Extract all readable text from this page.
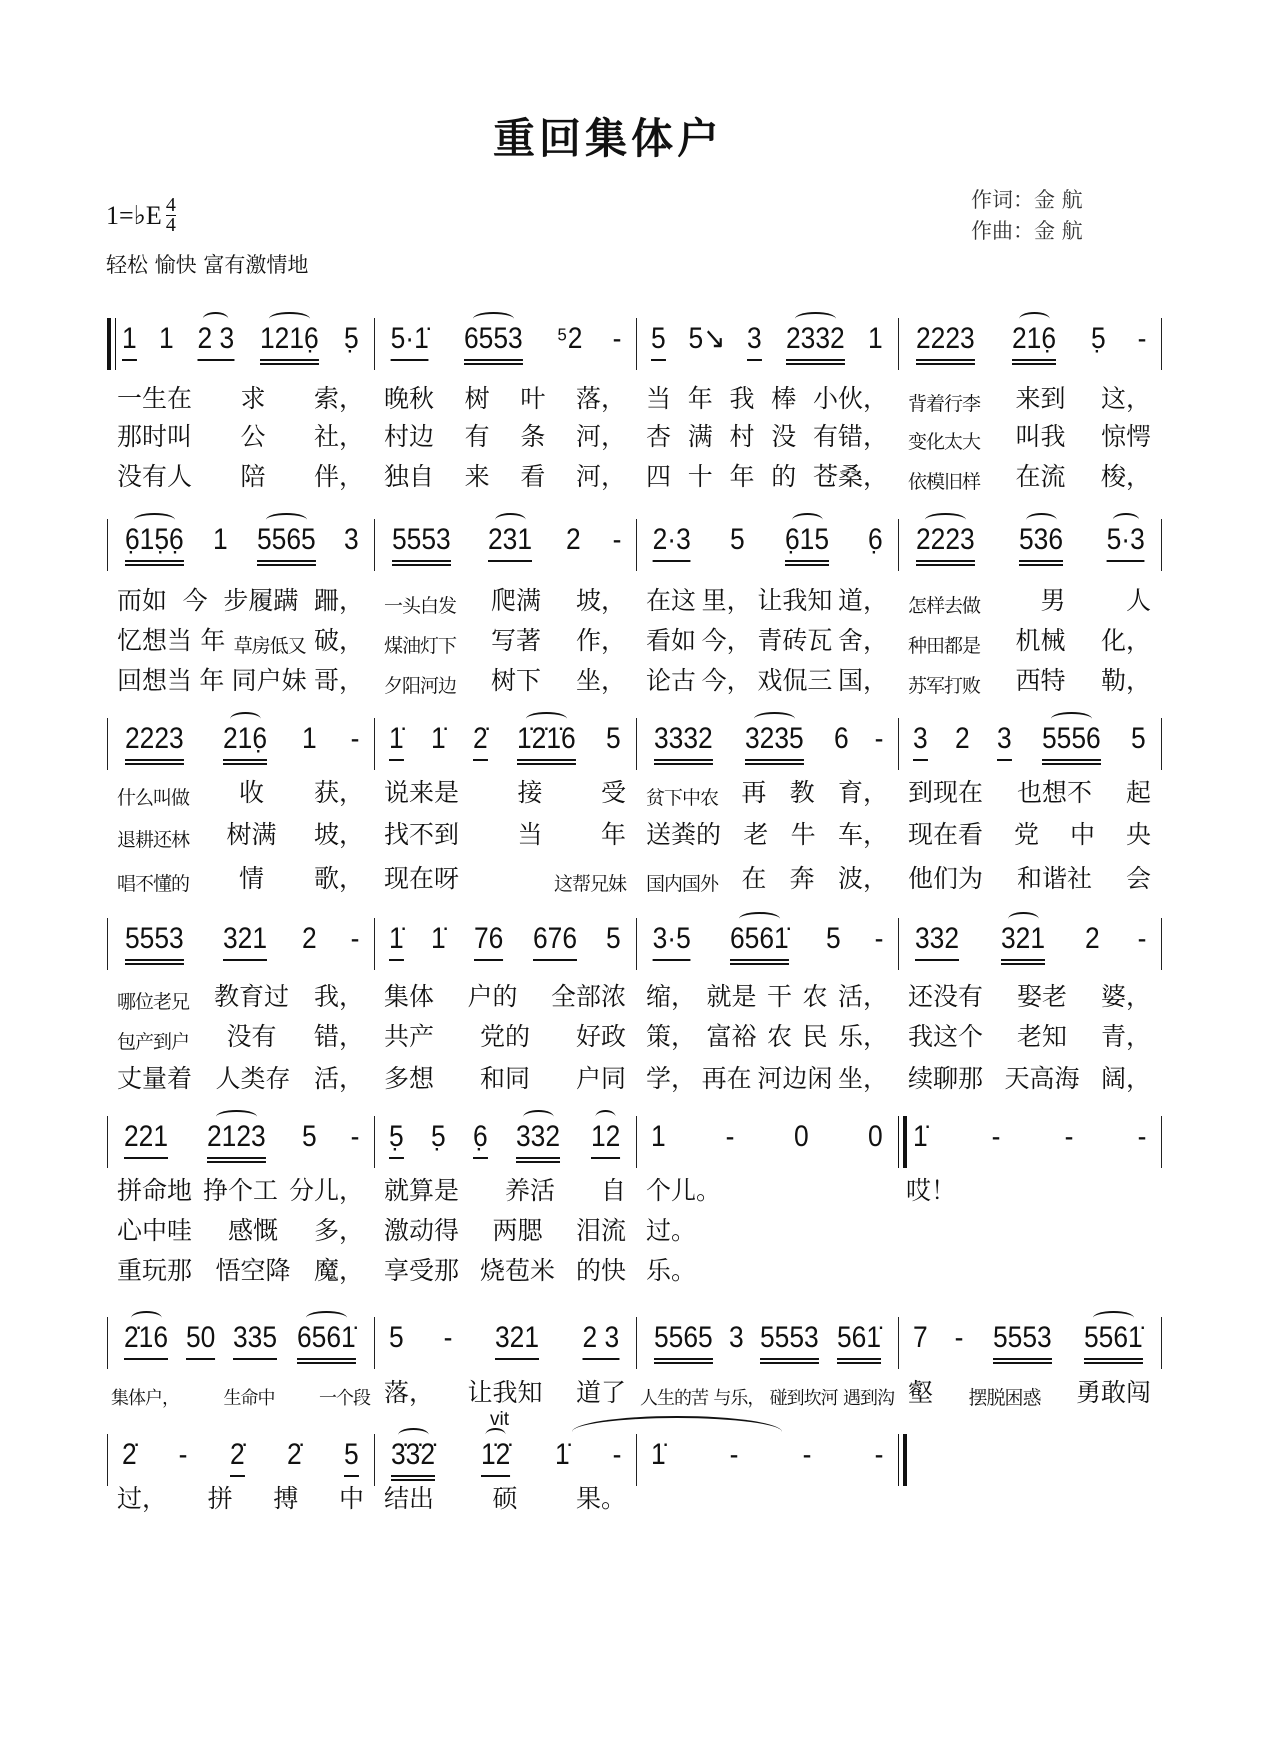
重回集体户
1=♭E $\frac{4}{4}$
轻松 愉快 富有激情地
作词：金 航
作曲：金 航
1 1 2 3 1216̣ 5̣ 5·1̇ 6553 ⁵2 - 5 5↘ 3 2332 1 2223 216̣ 5̣ -
一生在 求 索， 晚秋 树 叶 落， 当 年 我 棒 小伙， 背着行李 来到 这，
那时叫 公 社， 村边 有 条 河， 杏 满 村 没 有错， 变化太大 叫我 惊愕
没有人 陪 伴， 独自 来 看 河， 四 十 年 的 苍桑， 依模旧样 在流 梭，
6̣15̣6̣ 1 5565 3 5553 231 2 - 2·3 5 6̣15 6̣ 2223 536 5·3
而如 今 步履蹒 跚， 一头白发 爬满 坡， 在这 里， 让我知 道， 怎样去做 男 人
忆想当 年 草房低又 破， 煤油灯下 写著 作， 看如 今， 青砖瓦 舍， 种田都是 机械 化，
回想当 年 同户妹 哥， 夕阳河边 树下 坐， 论古 今， 戏侃三 国， 苏军打败 西特 勒，
2223 216̣ 1 - 1̇ 1̇ 2̇ 1̇2̇1̇6 5 3332 3235 6 - 3 2 3 5556 5
什么叫做 收 获， 说来是 接 受 贫下中农 再 教 育， 到现在 也想不 起
退耕还林 树满 坡， 找不到 当 年 送粪的 老 牛 车， 现在看 党 中 央
唱不懂的 情 歌， 现在呀	这帮兄妹 国内国外 在 奔 波， 他们为 和谐社 会
5553 321 2 - 1̇ 1̇ 76 676 5 3·5 6561̇ 5 - 332 321 2 -
哪位老兄 教育过 我， 集体 户的 全部浓 缩， 就是 干 农 活， 还没有 娶老 婆，
包产到户 没有 错， 共产 党的 好政 策， 富裕 农 民 乐， 我这个 老知 青，
丈量着 人类存 活， 多想 和同 户同 学， 再在 河边闲 坐， 续聊那 天高海 阔，
221 2123 5 - 5̣ 5̣ 6̣ 332 12 1 - 0 0 1̇ - - -
拼命地 挣个工 分儿， 就算是 养活 自 个儿。	哎！
心中哇 感慨 多， 激动得 两腮 泪流 过。
重玩那 悟空降 魔， 享受那 烧苞米 的快 乐。
2̇16 50 335 6561̇ 5 - 321 2 3 5565 3 5553 561̇ 7 - 5553 5561̇
集体户， 生命中 一个段 落， 让我知 道了 人生的苦 与乐， 碰到坎河 遇到沟 壑 摆脱困惑 勇敢闯
2̇ - 2̇ 2̇ 5 3̇3̇2̇ 1̇2̇ 1̇ - 1̇ - - -
vit
过， 拼 搏 中 结出 硕 果。
